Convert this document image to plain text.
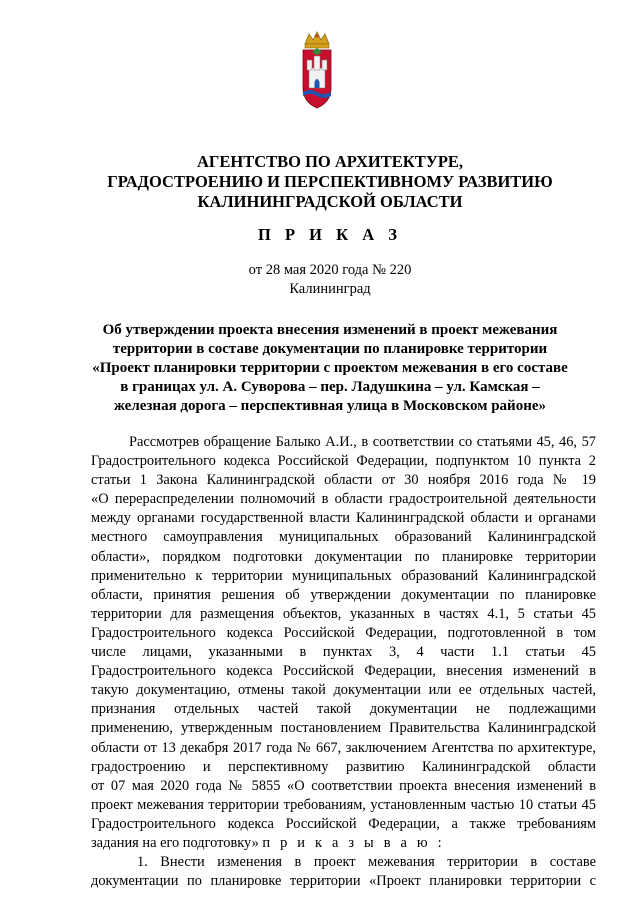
АГЕНТСТВО ПО АРХИТЕКТУРЕ,
ГРАДОСТРОЕНИЮ И ПЕРСПЕКТИВНОМУ РАЗВИТИЮ
КАЛИНИНГРАДСКОЙ ОБЛАСТИ
П Р И К А З
от 28 мая 2020 года № 220
Калининград
Об утверждении проекта внесения изменений в проект межевания
территории в составе документации по планировке территории
«Проект планировки территории с проектом межевания в его составе
в границах ул. А. Суворова – пер. Ладушкина – ул. Камская –
железная дорога – перспективная улица в Московском районе»
Рассмотрев обращение Балыко А.И., в соответствии со статьями 45, 46, 57
Градостроительного кодекса Российской Федерации, подпунктом 10 пункта 2
статьи 1 Закона Калининградской области от 30 ноября 2016 года № 19
«О перераспределении полномочий в области градостроительной деятельности
между органами государственной власти Калининградской области и органами
местного самоуправления муниципальных образований Калининградской
области», порядком подготовки документации по планировке территории
применительно к территории муниципальных образований Калининградской
области, принятия решения об утверждении документации по планировке
территории для размещения объектов, указанных в частях 4.1, 5 статьи 45
Градостроительного кодекса Российской Федерации, подготовленной в том
числе лицами, указанными в пунктах 3, 4 части 1.1 статьи 45
Градостроительного кодекса Российской Федерации, внесения изменений в
такую документацию, отмены такой документации или ее отдельных частей,
признания отдельных частей такой документации не подлежащими
применению, утвержденным постановлением Правительства Калининградской
области от 13 декабря 2017 года № 667, заключением Агентства по архитектуре,
градостроению и перспективному развитию Калининградской области
от 07 мая 2020 года № 5855 «О соответствии проекта внесения изменений в
проект межевания территории требованиям, установленным частью 10 статьи 45
Градостроительного кодекса Российской Федерации, а также требованиям
задания на его подготовку» п р и к а з ы в а ю :
1. Внести изменения в проект межевания территории в составе
документации по планировке территории «Проект планировки территории с
